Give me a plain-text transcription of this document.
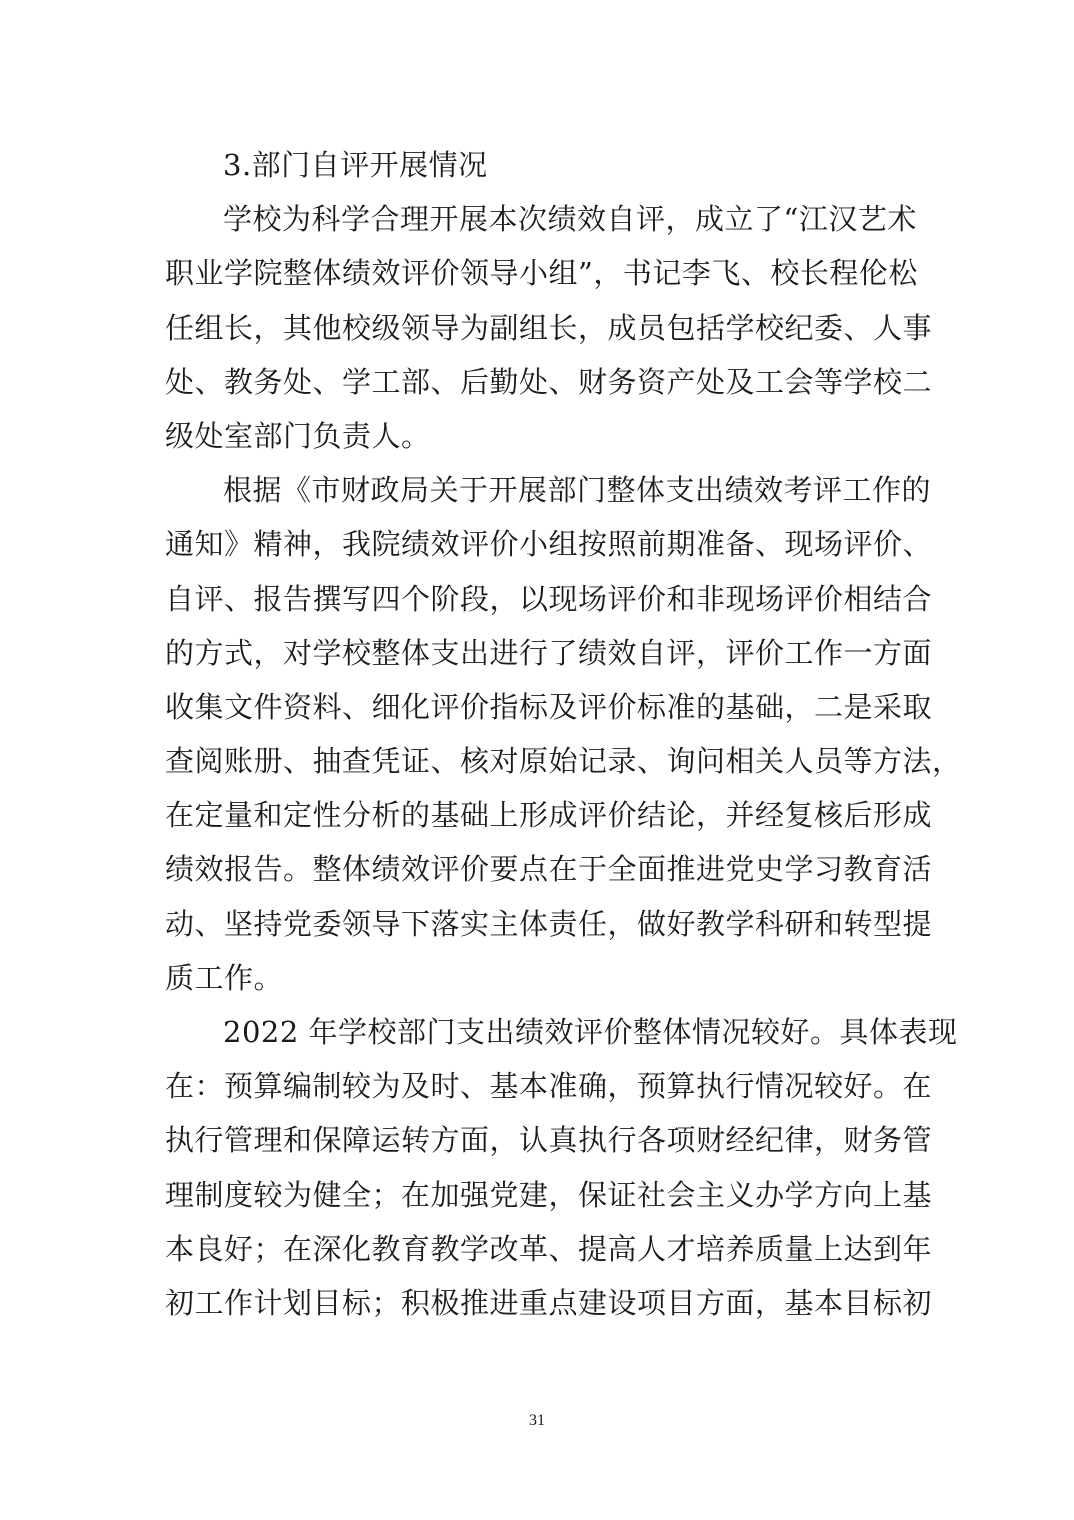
3.部门自评开展情况
学校为科学合理开展本次绩效自评，成立了“江汉艺术
职业学院整体绩效评价领导小组”，书记李飞、校长程伦松
任组长，其他校级领导为副组长，成员包括学校纪委、人事
处、教务处、学工部、后勤处、财务资产处及工会等学校二
级处室部门负责人。
根据《市财政局关于开展部门整体支出绩效考评工作的
通知》精神，我院绩效评价小组按照前期准备、现场评价、
自评、报告撰写四个阶段，以现场评价和非现场评价相结合
的方式，对学校整体支出进行了绩效自评，评价工作一方面
收集文件资料、细化评价指标及评价标准的基础，二是采取
查阅账册、抽查凭证、核对原始记录、询问相关人员等方法，
在定量和定性分析的基础上形成评价结论，并经复核后形成
绩效报告。整体绩效评价要点在于全面推进党史学习教育活
动、坚持党委领导下落实主体责任，做好教学科研和转型提
质工作。
2022 年学校部门支出绩效评价整体情况较好。具体表现
在：预算编制较为及时、基本准确，预算执行情况较好。在
执行管理和保障运转方面，认真执行各项财经纪律，财务管
理制度较为健全；在加强党建，保证社会主义办学方向上基
本良好；在深化教育教学改革、提高人才培养质量上达到年
初工作计划目标；积极推进重点建设项目方面，基本目标初
31
